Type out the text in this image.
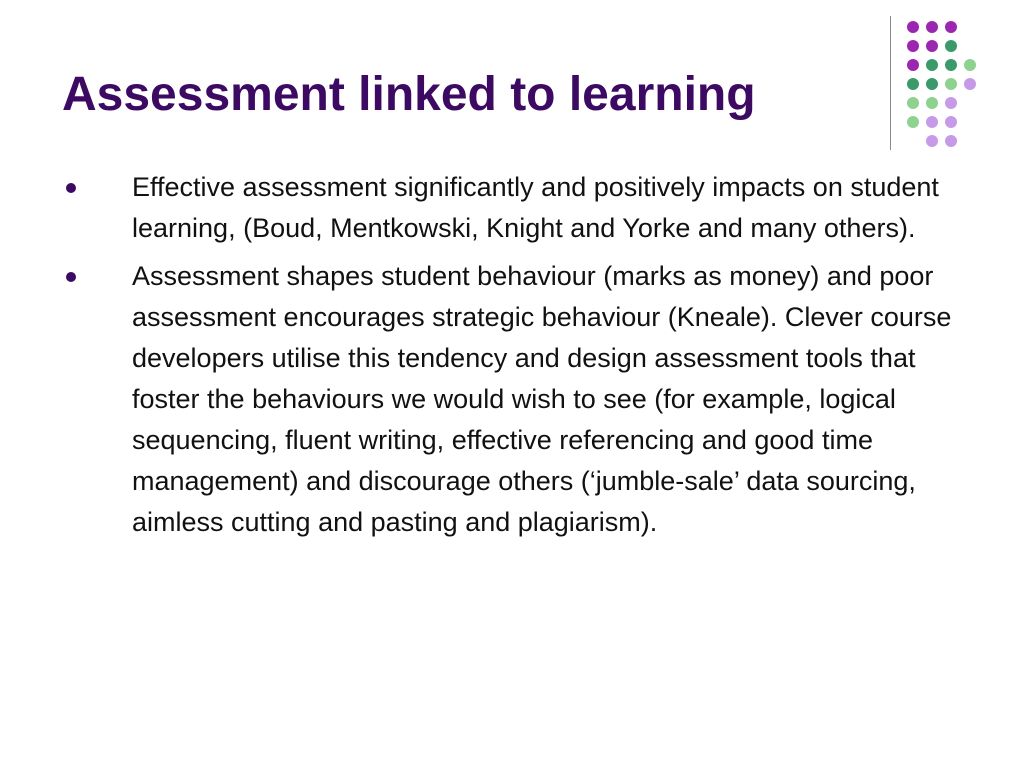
Assessment linked to learning
Effective assessment significantly and positively impacts on student learning, (Boud, Mentkowski, Knight and Yorke and many others).
Assessment shapes student behaviour (marks as money) and poor assessment encourages strategic behaviour (Kneale). Clever course developers utilise this tendency and design assessment tools that foster the behaviours we would wish to see (for example, logical sequencing, fluent writing, effective referencing and good time management) and discourage others (‘jumble-sale’ data sourcing, aimless cutting and pasting and plagiarism).
